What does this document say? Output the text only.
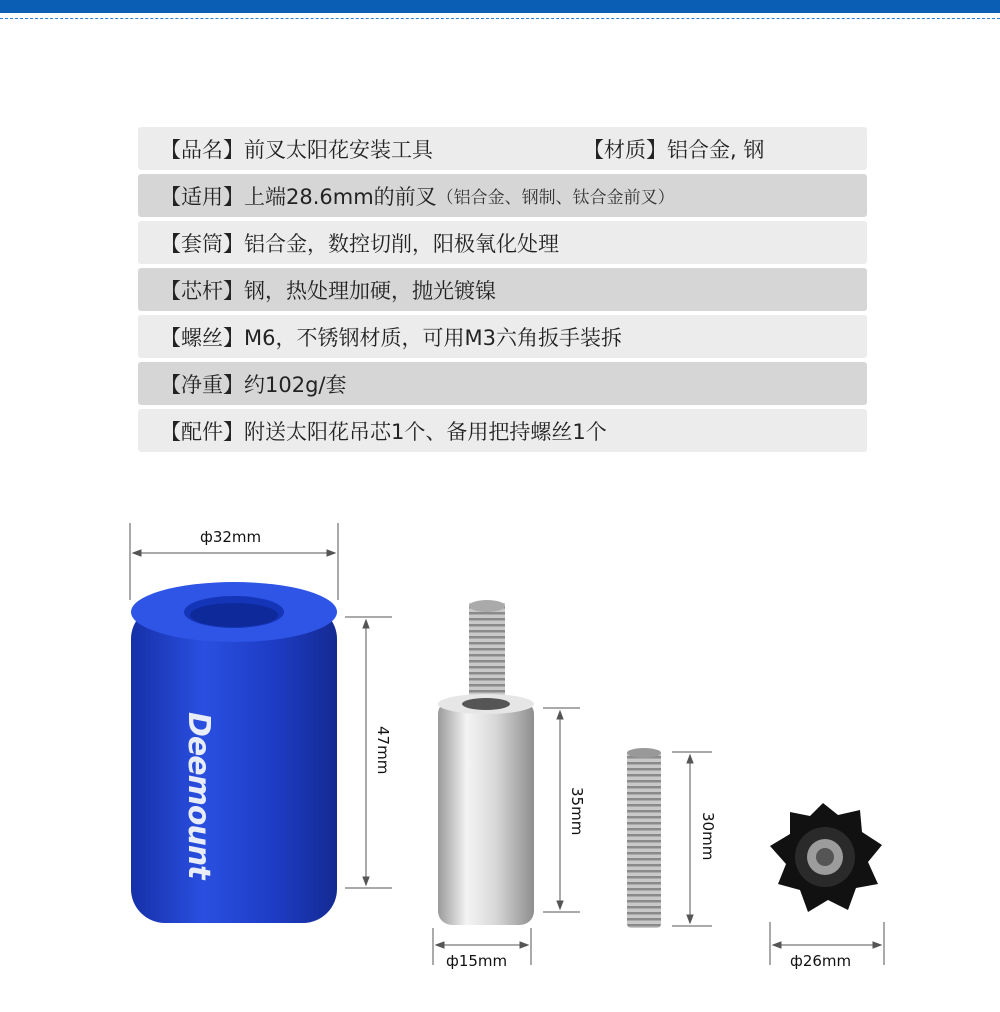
【品名】 前叉太阳花安装工具	【材质】铝合金, 钢
【适用】 上端28.6mm的前叉 （铝合金、钢制、钛合金前叉）
【套筒】 铝合金，数控切削，阳极氧化处理
【芯杆】 钢，热处理加硬，抛光镀镍
【螺丝】 M6，不锈钢材质，可用M3六角扳手装拆
【净重】 约102g/套
【配件】 附送太阳花吊芯1个、备用把持螺丝1个
Deemount
ф32mm
47mm
35mm
ф15mm
30mm
ф26mm
